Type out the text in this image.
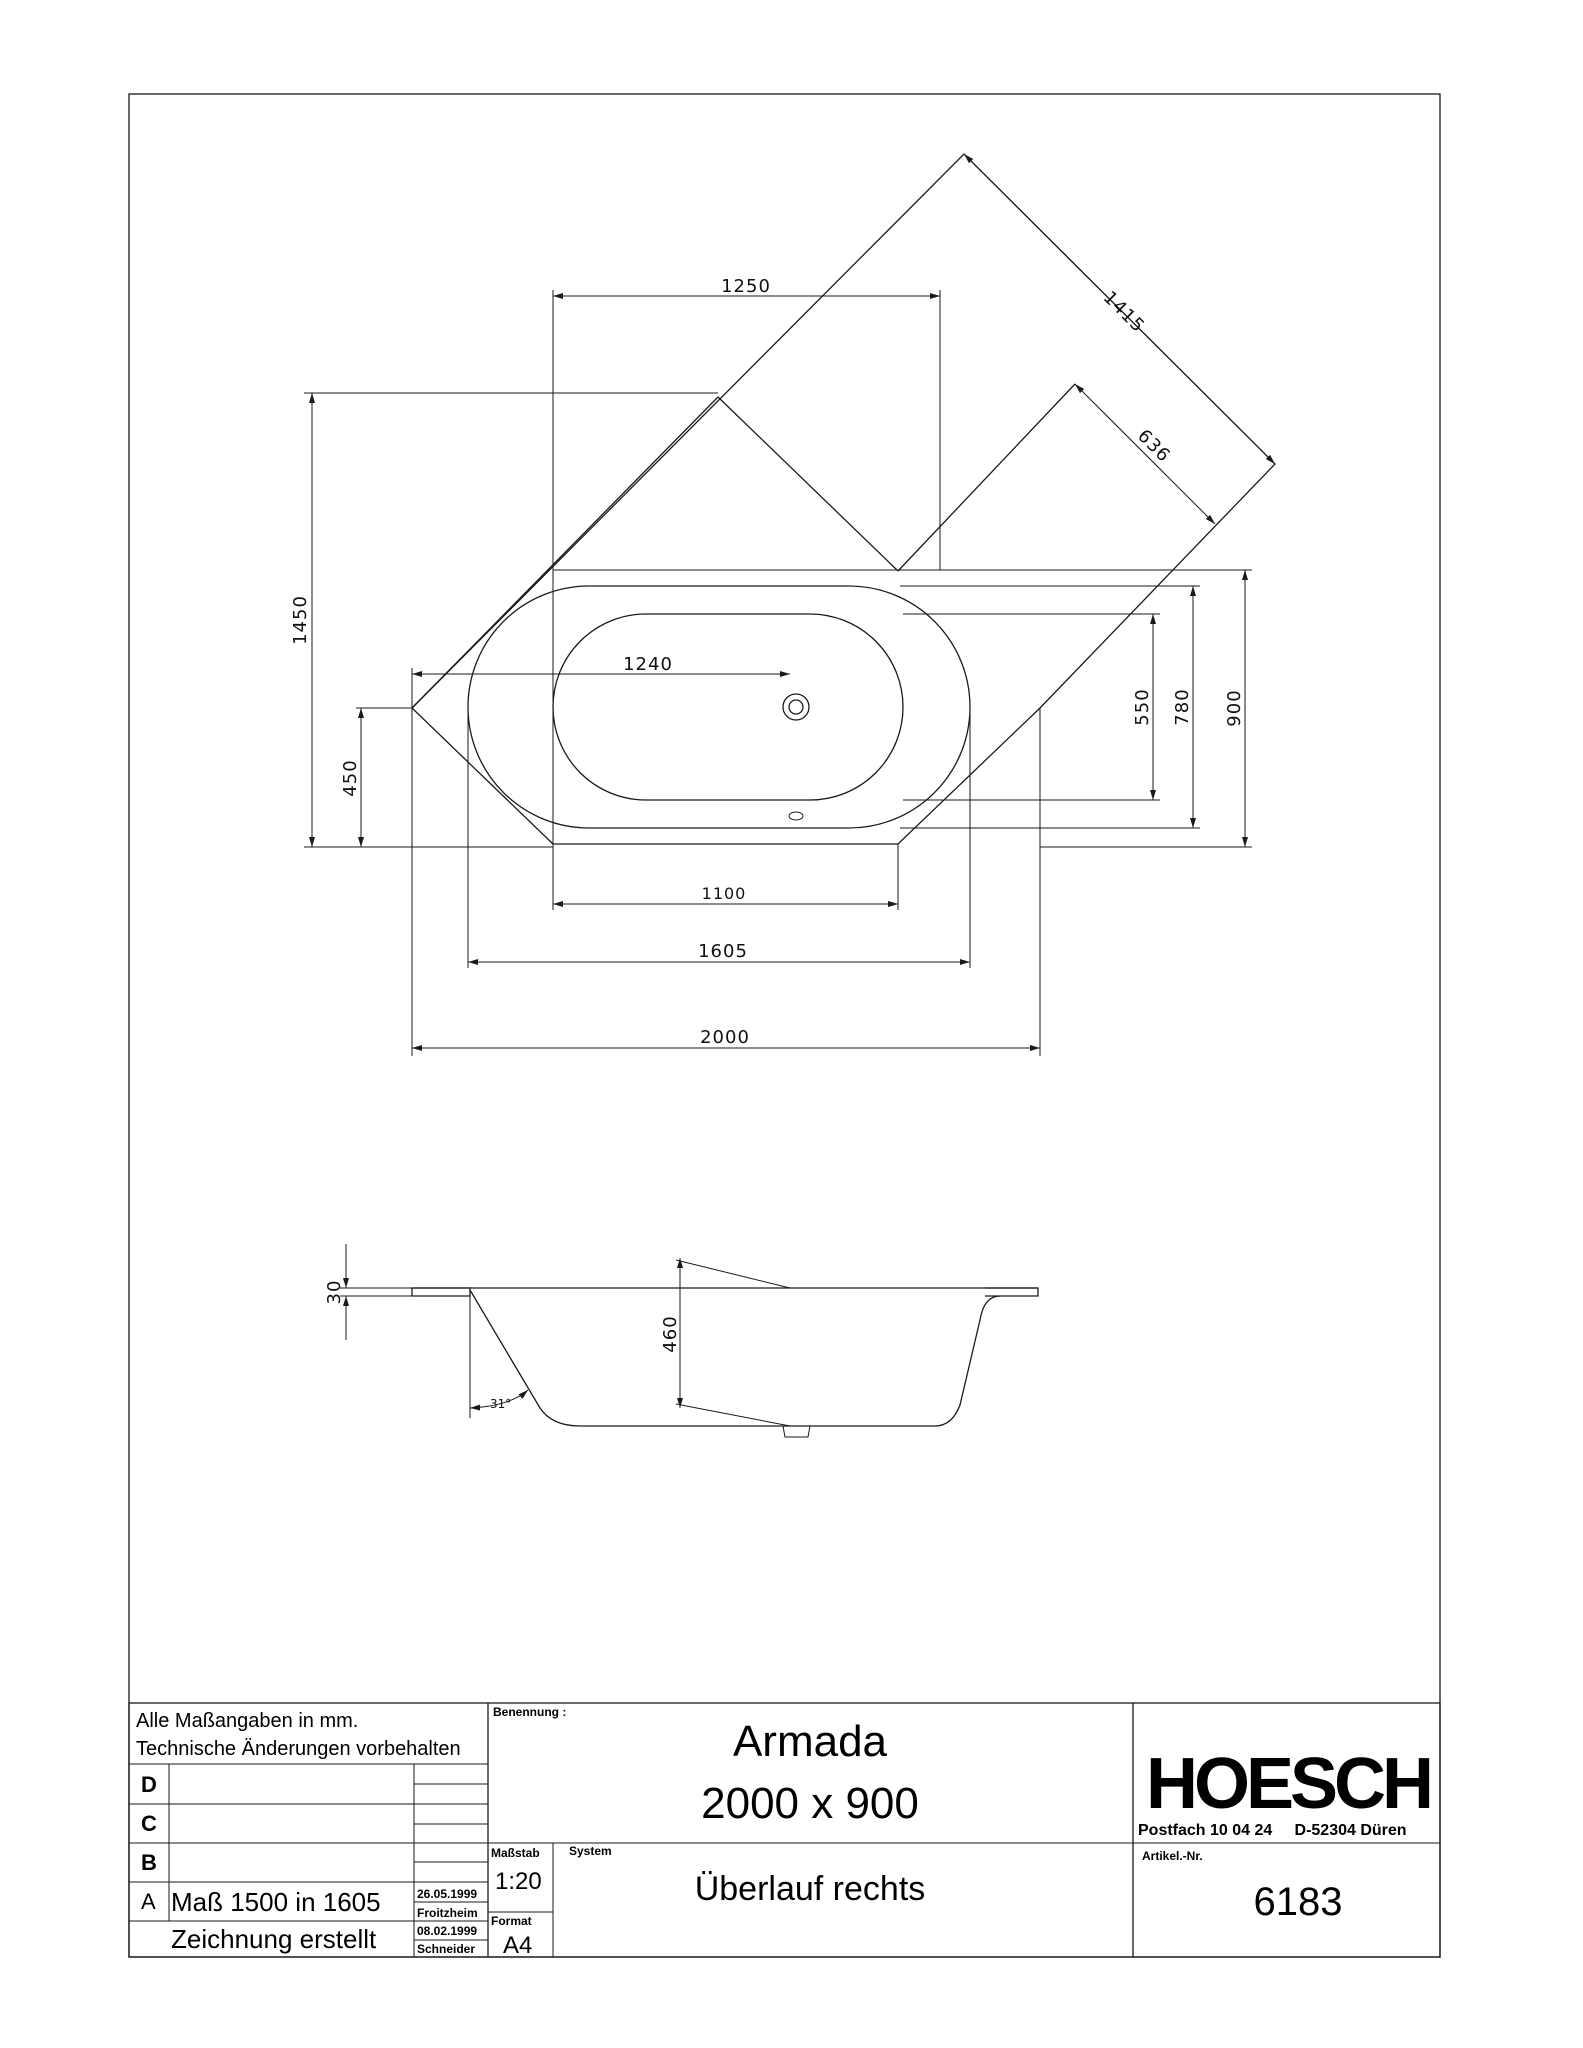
1250
1415
636
1450
450
1240
550 780 900
1100
1605
2000
460
30
31°
Alle Maßangaben in mm.
Technische Änderungen vorbehalten
D
C
B
A Maß 1500 in 1605	26.05.1999
Froitzheim
Zeichnung erstellt	08.02.1999
Schneider
Benennung :
Armada
2000 x 900
Maßstab
1:20
Format
A4
System
Überlauf rechts
HOESCH
Postfach 10 04 24     D-52304 Düren
Artikel.-Nr.
6183
